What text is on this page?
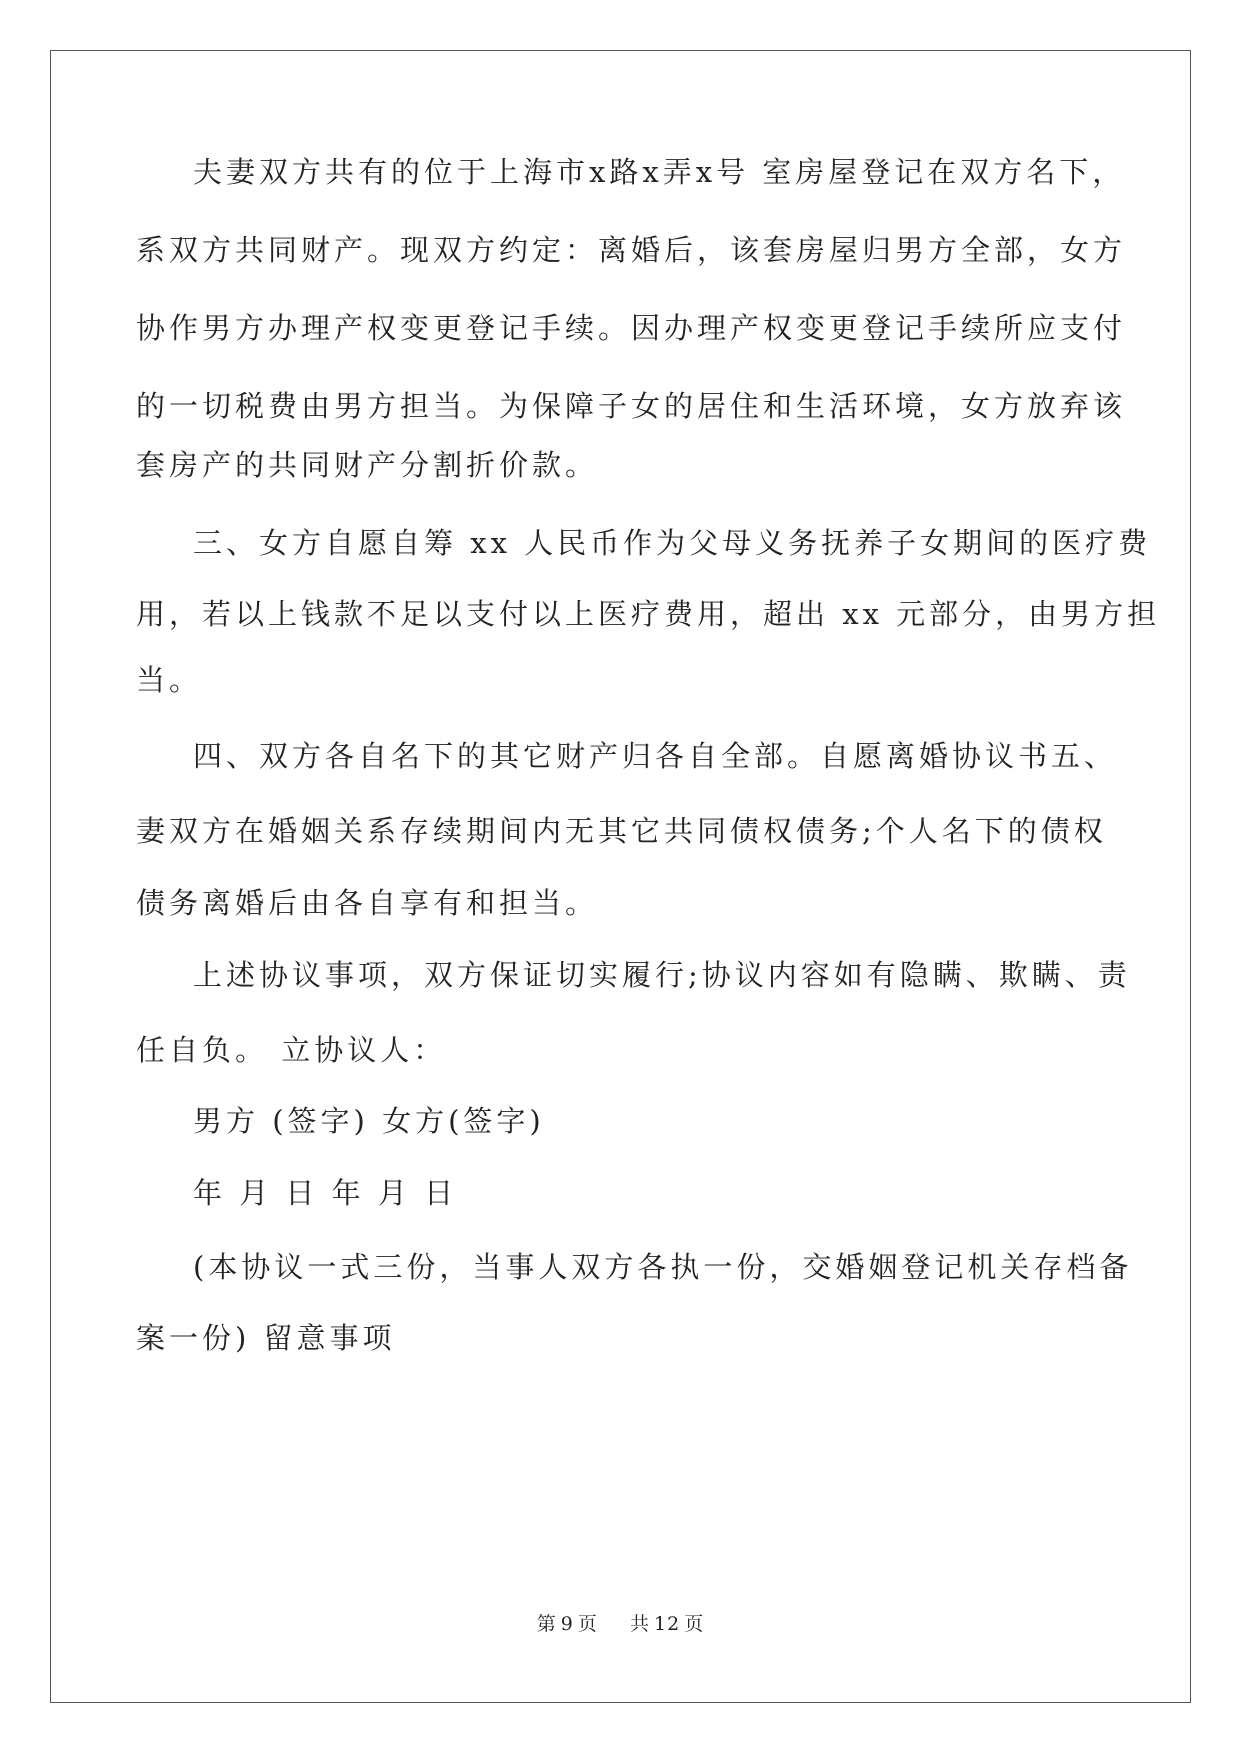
夫妻双方共有的位于上海市x路x弄x号 室房屋登记在双方名下，
系双方共同财产。现双方约定：离婚后，该套房屋归男方全部，女方
协作男方办理产权变更登记手续。因办理产权变更登记手续所应支付
的一切税费由男方担当。为保障子女的居住和生活环境，女方放弃该
套房产的共同财产分割折价款。
三、女方自愿自筹 xx 人民币作为父母义务抚养子女期间的医疗费
用，若以上钱款不足以支付以上医疗费用，超出 xx 元部分，由男方担
当。
四、双方各自名下的其它财产归各自全部。自愿离婚协议书五、
妻双方在婚姻关系存续期间内无其它共同债权债务;个人名下的债权
债务离婚后由各自享有和担当。
上述协议事项，双方保证切实履行;协议内容如有隐瞒、欺瞒、责
任自负。 立协议人：
男方 (签字) 女方(签字)
年 月 日 年 月 日
(本协议一式三份，当事人双方各执一份，交婚姻登记机关存档备
案一份) 留意事项
第 9 页 共 12 页
